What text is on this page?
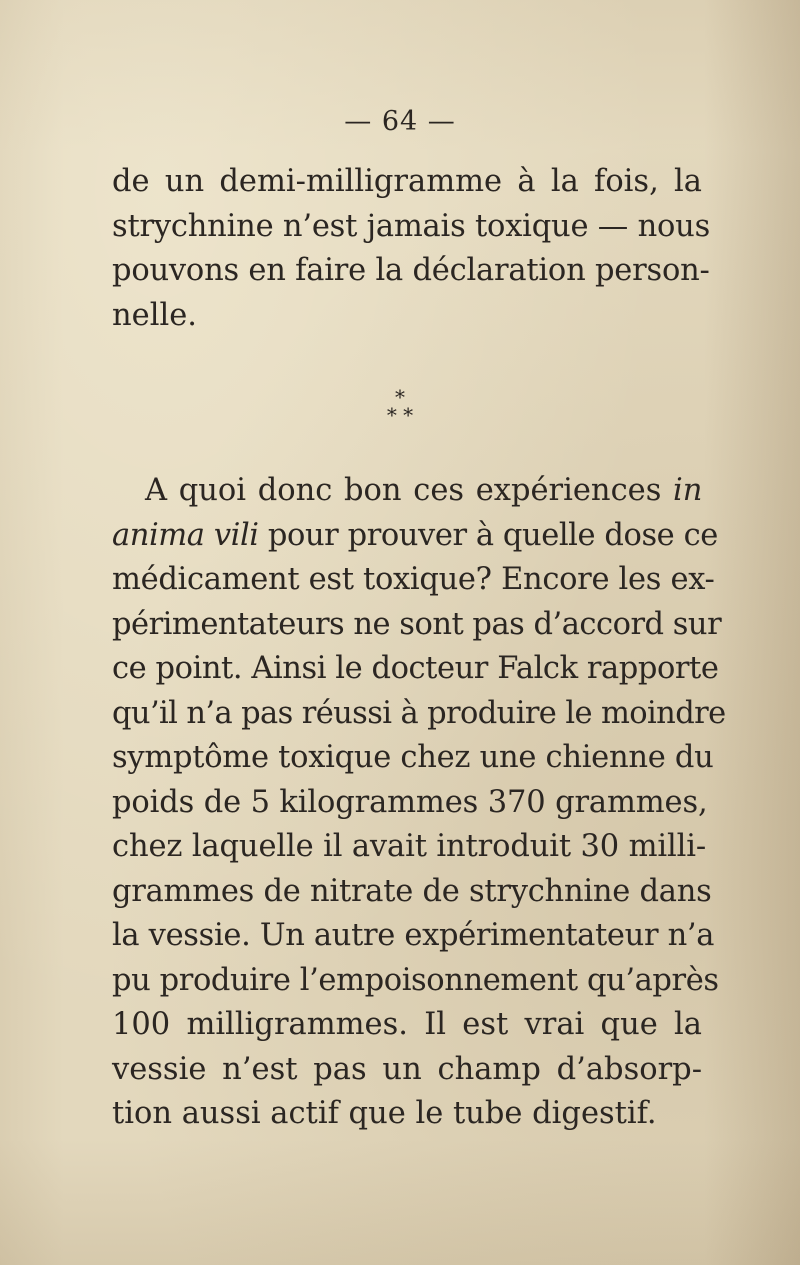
— 64 —
de un demi-milligramme à la fois, la
strychnine n’est jamais toxique — nous
pouvons en faire la déclaration person-
nelle.
*
* *
A quoi donc bon ces expériences in
anima vili pour prouver à quelle dose ce
médicament est toxique? Encore les ex-
périmentateurs ne sont pas d’accord sur
ce point. Ainsi le docteur Falck rapporte
qu’il n’a pas réussi à produire le moindre
symptôme toxique chez une chienne du
poids de 5 kilogrammes 370 grammes,
chez laquelle il avait introduit 30 milli-
grammes de nitrate de strychnine dans
la vessie. Un autre expérimentateur n’a
pu produire l’empoisonnement qu’après
100 milligrammes. Il est vrai que la
vessie n’est pas un champ d’absorp-
tion aussi actif que le tube digestif.
